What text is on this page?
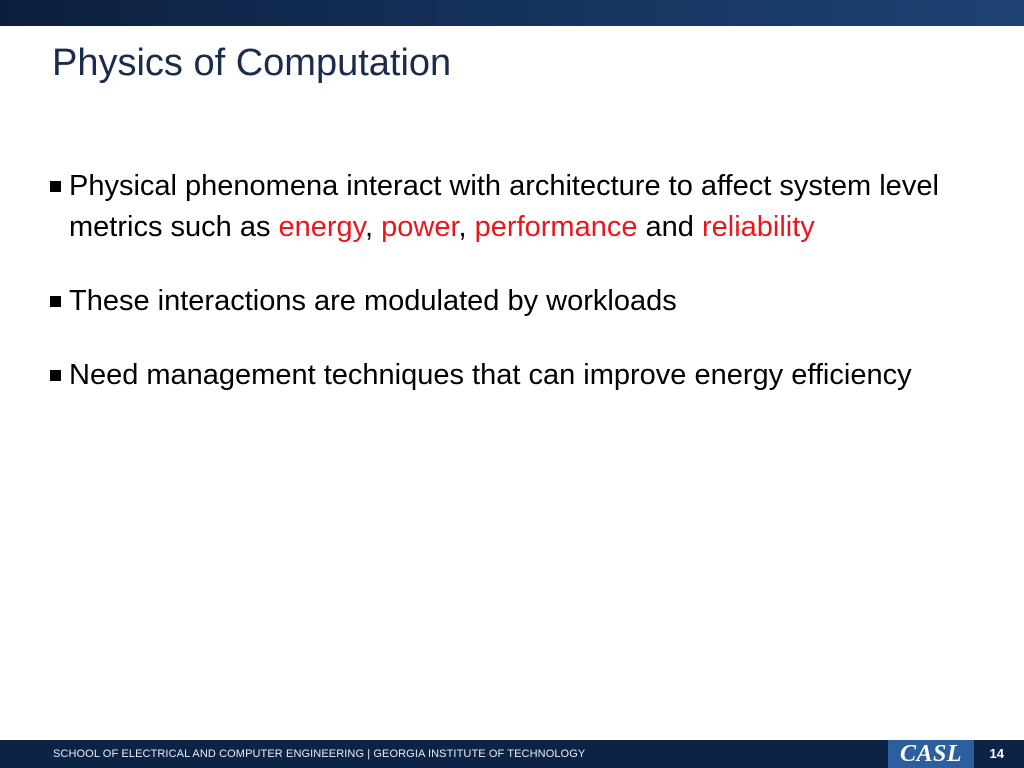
Physics of Computation
Physical phenomena interact with architecture to affect system level metrics such as energy, power, performance and reliability
These interactions are modulated by workloads
Need management techniques that can improve energy efficiency
SCHOOL OF ELECTRICAL AND COMPUTER ENGINEERING | GEORGIA INSTITUTE OF TECHNOLOGY	CASL 14
